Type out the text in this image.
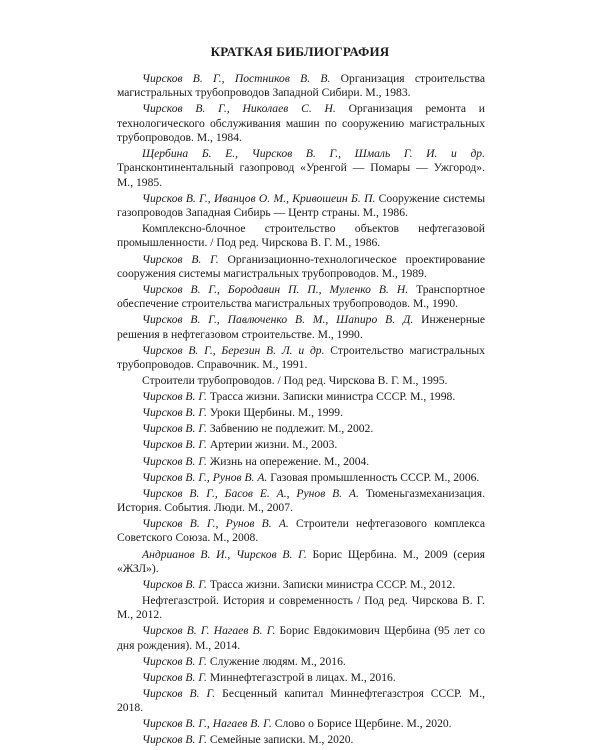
КРАТКАЯ БИБЛИОГРАФИЯ

Чирсков В. Г., Постников В. В. Организация строительства магистральных трубопроводов Западной Сибири. М., 1983.

Чирсков В. Г., Николаев С. Н. Организация ремонта и технологического обслуживания машин по сооружению магистральных трубопроводов. М., 1984.

Щербина Б. Е., Чирсков В. Г., Шмаль Г. И. и др. Трансконтинентальный газопровод «Уренгой — Помары — Ужгород». М., 1985.

Чирсков В. Г., Иванцов О. М., Кривошеин Б. П. Сооружение системы газопроводов Западная Сибирь — Центр страны. М., 1986.

Комплексно-блочное строительство объектов нефтегазовой промышленности. / Под ред. Чирскова В. Г. М., 1986.

Чирсков В. Г. Организационно-технологическое проектирование сооружения системы магистральных трубопроводов. М., 1989.

Чирсков В. Г., Бородавин П. П., Муленко В. Н. Транспортное обеспечение строительства магистральных трубопроводов. М., 1990.

Чирсков В. Г., Павлюченко В. М., Шапиро В. Д. Инженерные решения в нефтегазовом строительстве. М., 1990.

Чирсков В. Г., Березин В. Л. и др. Строительство магистральных трубопроводов. Справочник. М., 1991.

Строители трубопроводов. / Под ред. Чирскова В. Г. М., 1995.

Чирсков В. Г. Трасса жизни. Записки министра СССР. М., 1998.

Чирсков В. Г. Уроки Щербины. М., 1999.

Чирсков В. Г. Забвению не подлежит. М., 2002.

Чирсков В. Г. Артерии жизни. М., 2003.

Чирсков В. Г. Жизнь на опережение. М., 2004.

Чирсков В. Г., Рунов В. А. Газовая промышленность СССР. М., 2006.

Чирсков В. Г., Басов Е. А., Рунов В. А. Тюменьгазмеханизация. История. События. Люди. М., 2007.

Чирсков В. Г., Рунов В. А. Строители нефтегазового комплекса Советского Союза. М., 2008.

Андрианов В. И., Чирсков В. Г. Борис Щербина. М., 2009 (серия «ЖЗЛ»).

Чирсков В. Г. Трасса жизни. Записки министра СССР. М., 2012.

Нефтегазстрой. История и современность / Под ред. Чирскова В. Г. М., 2012.

Чирсков В. Г. Нагаев В. Г. Борис Евдокимович Щербина (95 лет со дня рождения). М., 2014.

Чирсков В. Г. Служение людям. М., 2016.

Чирсков В. Г. Миннефтегазстрой в лицах. М., 2016.

Чирсков В. Г. Бесценный капитал Миннефтегазстроя СССР. М., 2018.

Чирсков В. Г., Нагаев В. Г. Слово о Борисе Щербине. М., 2020.

Чирсков В. Г. Семейные записки. М., 2020.
